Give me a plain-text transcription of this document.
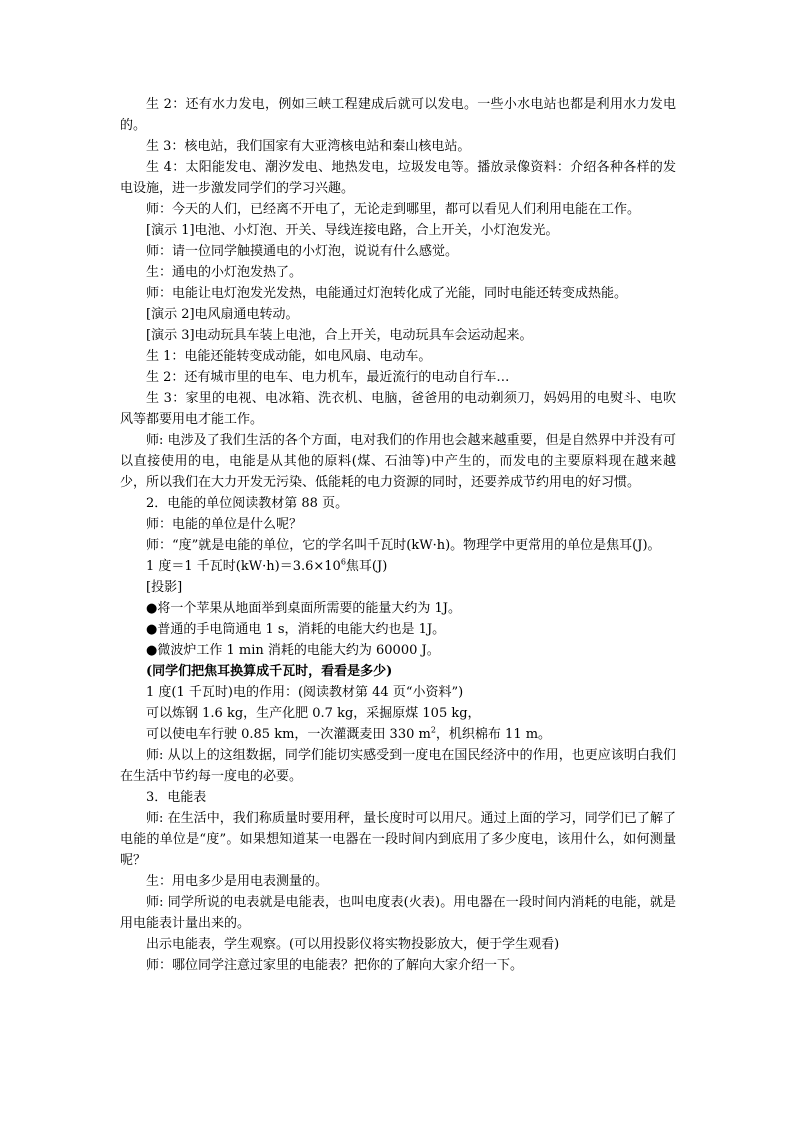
生 2：还有水力发电，例如三峡工程建成后就可以发电。一些小水电站也都是利用水力发电的。

生 3：核电站，我们国家有大亚湾核电站和秦山核电站。

生 4：太阳能发电、潮汐发电、地热发电，垃圾发电等。播放录像资料：介绍各种各样的发电设施，进一步激发同学们的学习兴趣。

师：今天的人们，已经离不开电了，无论走到哪里，都可以看见人们利用电能在工作。

[演示 1]电池、小灯泡、开关、导线连接电路，合上开关，小灯泡发光。

师：请一位同学触摸通电的小灯泡，说说有什么感觉。

生：通电的小灯泡发热了。

师：电能让电灯泡发光发热，电能通过灯泡转化成了光能，同时电能还转变成热能。

[演示 2]电风扇通电转动。

[演示 3]电动玩具车装上电池，合上开关，电动玩具车会运动起来。

生 1：电能还能转变成动能，如电风扇、电动车。

生 2：还有城市里的电车、电力机车，最近流行的电动自行车…

生 3：家里的电视、电冰箱、洗衣机、电脑，爸爸用的电动剃须刀，妈妈用的电熨斗、电吹风等都要用电才能工作。

师: 电涉及了我们生活的各个方面，电对我们的作用也会越来越重要，但是自然界中并没有可以直接使用的电，电能是从其他的原料(煤、石油等)中产生的，而发电的主要原料现在越来越少，所以我们在大力开发无污染、低能耗的电力资源的同时，还要养成节约用电的好习惯。

2．电能的单位阅读教材第 88 页。

师：电能的单位是什么呢？

师：“度”就是电能的单位，它的学名叫千瓦时(kW·h)。物理学中更常用的单位是焦耳(J)。

1 度＝1 千瓦时$(kW\cdot h)=3.6\times 10^6$焦耳(J)

[投影]

●将一个苹果从地面举到桌面所需要的能量大约为 1J。

●普通的手电筒通电 1 s，消耗的电能大约也是 1J。

●微波炉工作 1 min 消耗的电能大约为 60000 J。

(同学们把焦耳换算成千瓦时，看看是多少)

1 度(1 千瓦时)电的作用：(阅读教材第 44 页“小资料”)

可以炼钢 1.6 kg，生产化肥 0.7 kg，采掘原煤 105 kg，

可以使电车行驶 0.85 km，一次灌溉麦田 330 $m^2$，机织棉布 11 m。

师: 从以上的这组数据，同学们能切实感受到一度电在国民经济中的作用，也更应该明白我们在生活中节约每一度电的必要。

3．电能表

师: 在生活中，我们称质量时要用秤，量长度时可以用尺。通过上面的学习，同学们已了解了电能的单位是“度”。如果想知道某一电器在一段时间内到底用了多少度电，该用什么，如何测量呢？

生：用电多少是用电表测量的。

师: 同学所说的电表就是电能表，也叫电度表(火表)。用电器在一段时间内消耗的电能，就是用电能表计量出来的。

出示电能表，学生观察。(可以用投影仪将实物投影放大，便于学生观看)

师：哪位同学注意过家里的电能表？把你的了解向大家介绍一下。
